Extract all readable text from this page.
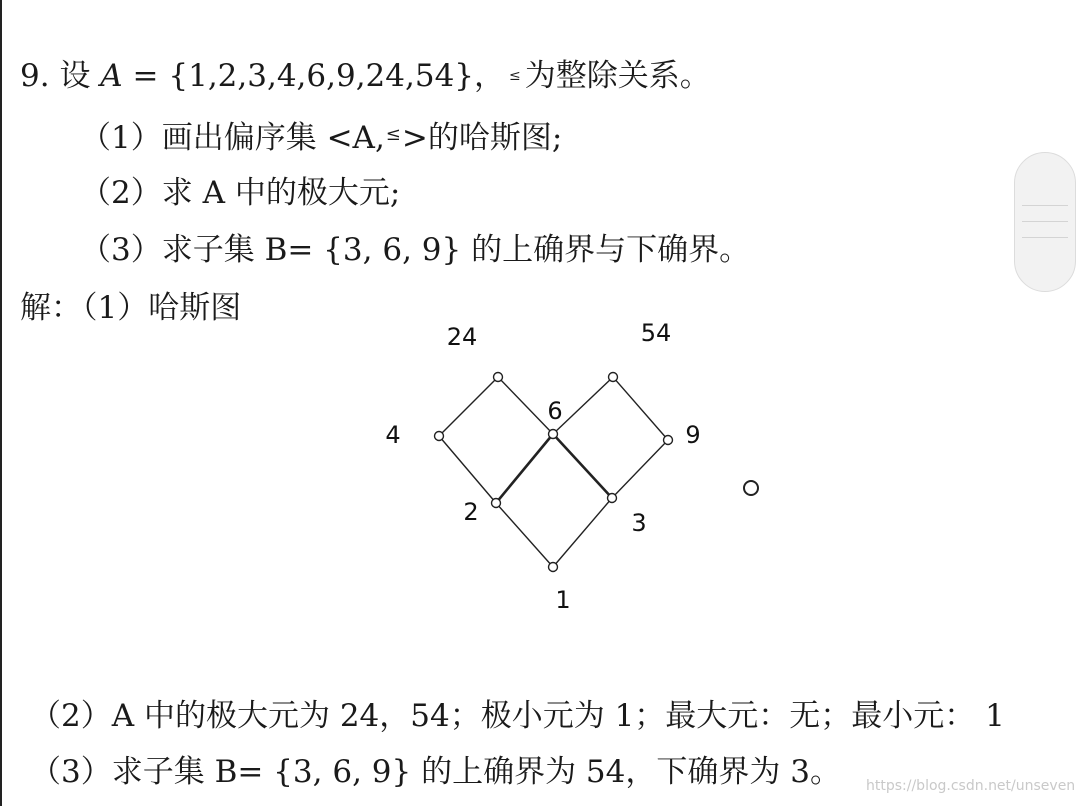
9. 设 A = {1,2,3,4,6,9,24,54}， ≤ 为整除关系。
（1）画出偏序集 <A,≤>的哈斯图;
（2）求 A 中的极大元;
（3）求子集 B= {3, 6, 9} 的上确界与下确界。
解：（1）哈斯图
1
2	3
4
6
9
24	54
（2）A 中的极大元为 24，54；极小元为 1；最大元：无；最小元： 1
（3）求子集 B= {3, 6, 9} 的上确界为 54，下确界为 3。 https://blog.csdn.net/unseven
